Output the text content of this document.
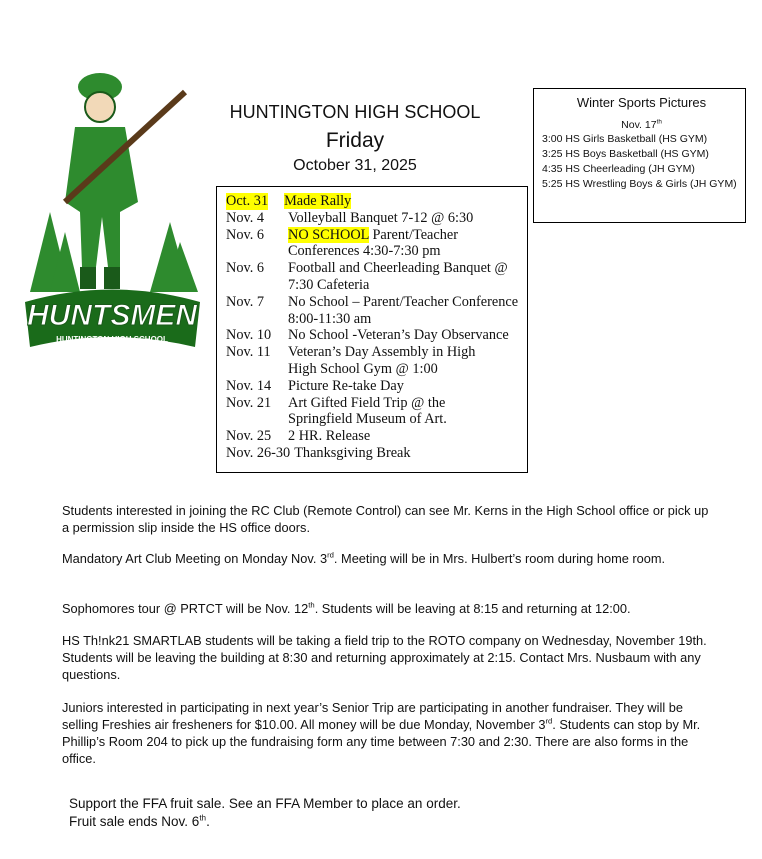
HUNTSMEN
HUNTINGTON HIGH SCHOOL
HUNTINGTON HIGH SCHOOL
Friday
October 31, 2025
Oct. 31 Made Rally
Nov. 4	Volleyball Banquet 7-12 @ 6:30
Nov. 6	NO SCHOOL Parent/Teacher Conferences 4:30-7:30 pm
Nov. 6	Football and Cheerleading Banquet @ 7:30 Cafeteria
Nov. 7	No School – Parent/Teacher Conference 8:00-11:30 am
Nov. 10	No School -Veteran’s Day Observance
Nov. 11	Veteran’s Day Assembly in High High School Gym @ 1:00
Nov. 14	Picture Re-take Day
Nov. 21	Art Gifted Field Trip @ the Springfield Museum of Art.
Nov. 25	2 HR. Release
Nov. 26-30 Thanksgiving Break
Winter Sports Pictures
Nov. 17th
3:00 HS Girls Basketball (HS GYM)
3:25 HS Boys Basketball (HS GYM)
4:35 HS Cheerleading (JH GYM)
5:25 HS Wrestling Boys & Girls (JH GYM)
Students interested in joining the RC Club (Remote Control) can see Mr. Kerns in the High School office or pick up a permission slip inside the HS office doors.
Mandatory Art Club Meeting on Monday Nov. 3rd. Meeting will be in Mrs. Hulbert’s room during home room.
Sophomores tour @ PRTCT will be Nov. 12th. Students will be leaving at 8:15 and returning at 12:00.
HS Th!nk21 SMARTLAB students will be taking a field trip to the ROTO company on Wednesday, November 19th. Students will be leaving the building at 8:30 and returning approximately at 2:15. Contact Mrs. Nusbaum with any questions.
Juniors interested in participating in next year’s Senior Trip are participating in another fundraiser. They will be selling Freshies air fresheners for $10.00. All money will be due Monday, November 3rd. Students can stop by Mr. Phillip’s Room 204 to pick up the fundraising form any time between 7:30 and 2:30. There are also forms in the office.
Support the FFA fruit sale. See an FFA Member to place an order.
Fruit sale ends Nov. 6th.
